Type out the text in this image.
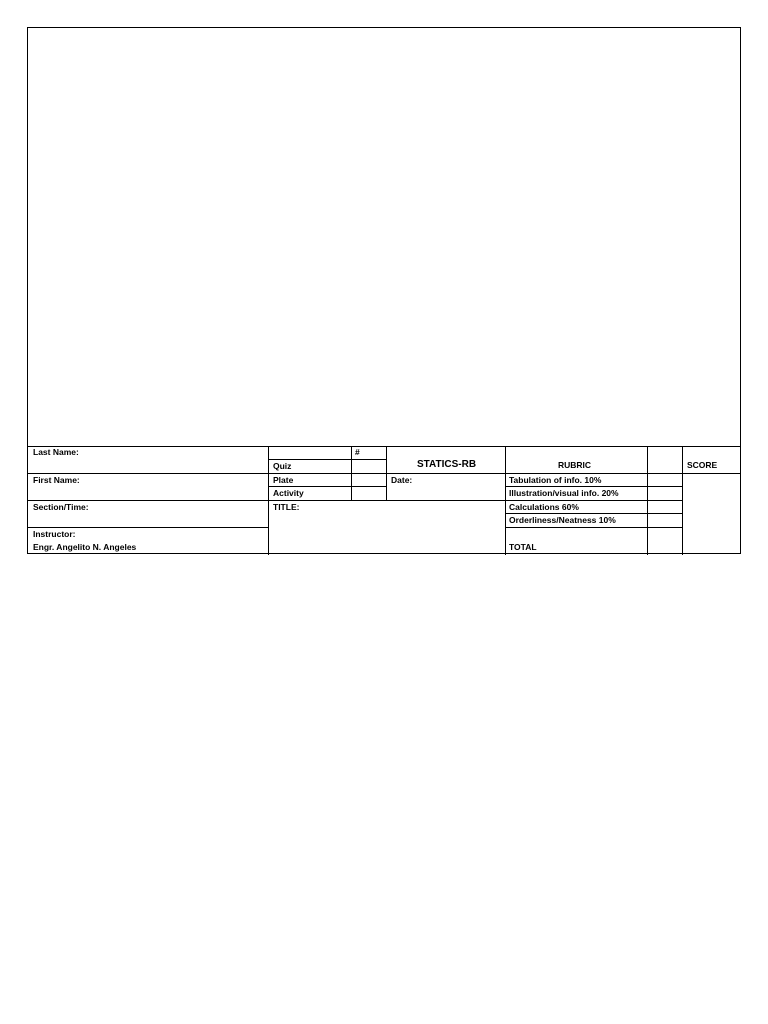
Last Name:
First Name:
Section/Time:
Instructor:
Engr. Angelito N. Angeles
#
Quiz
Plate
Activity
TITLE:
STATICS-RB
Date:
RUBRIC
Tabulation of info. 10%
Illustration/visual info. 20%
Calculations 60%
Orderliness/Neatness 10%
TOTAL
SCORE
